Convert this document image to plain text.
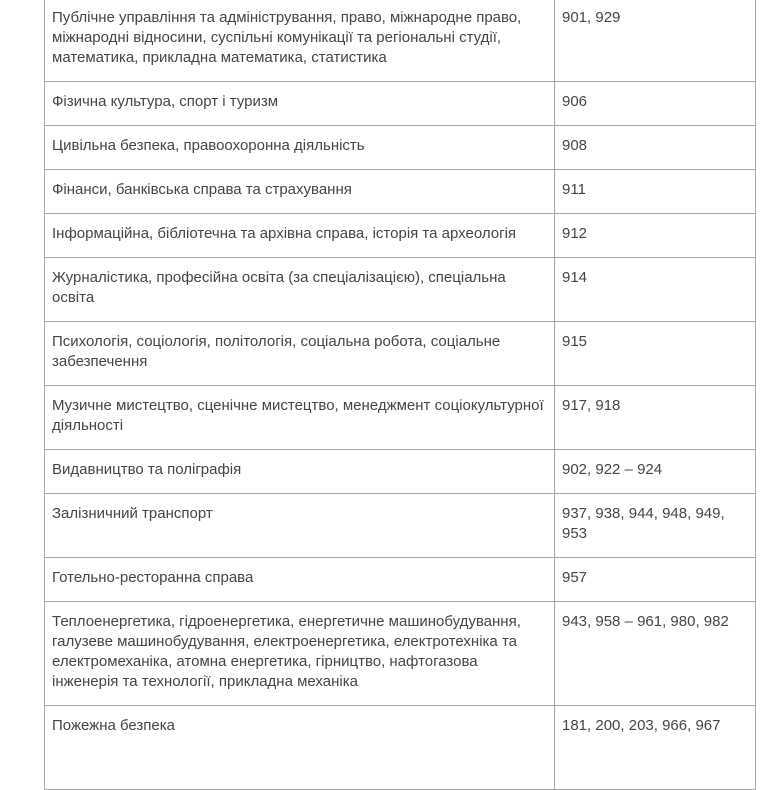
Публічне управління та адміністрування, право, міжнародне право, міжнародні відносини, суспільні комунікації та регіональні студії, математика, прикладна математика, статистика	901, 929
Фізична культура, спорт і туризм	906
Цивільна безпека, правоохоронна діяльність	908
Фінанси, банківська справа та страхування	911
Інформаційна, бібліотечна та архівна справа, історія та археологія	912
Журналістика, професійна освіта (за спеціалізацією), спеціальна освіта	914
Психологія, соціологія, політологія, соціальна робота, соціальне забезпечення	915
Музичне мистецтво, сценічне мистецтво, менеджмент соціокультурної діяльності	917, 918
Видавництво та поліграфія	902, 922 – 924
Залізничний транспорт	937, 938, 944, 948, 949, 953
Готельно-ресторанна справа	957
Теплоенергетика, гідроенергетика, енергетичне машинобудування, галузеве машинобудування, електроенергетика, електротехніка та електромеханіка, атомна енергетика, гірництво, нафтогазова інженерія та технології, прикладна механіка	943, 958 – 961, 980, 982
Пожежна безпека	181, 200, 203, 966, 967
